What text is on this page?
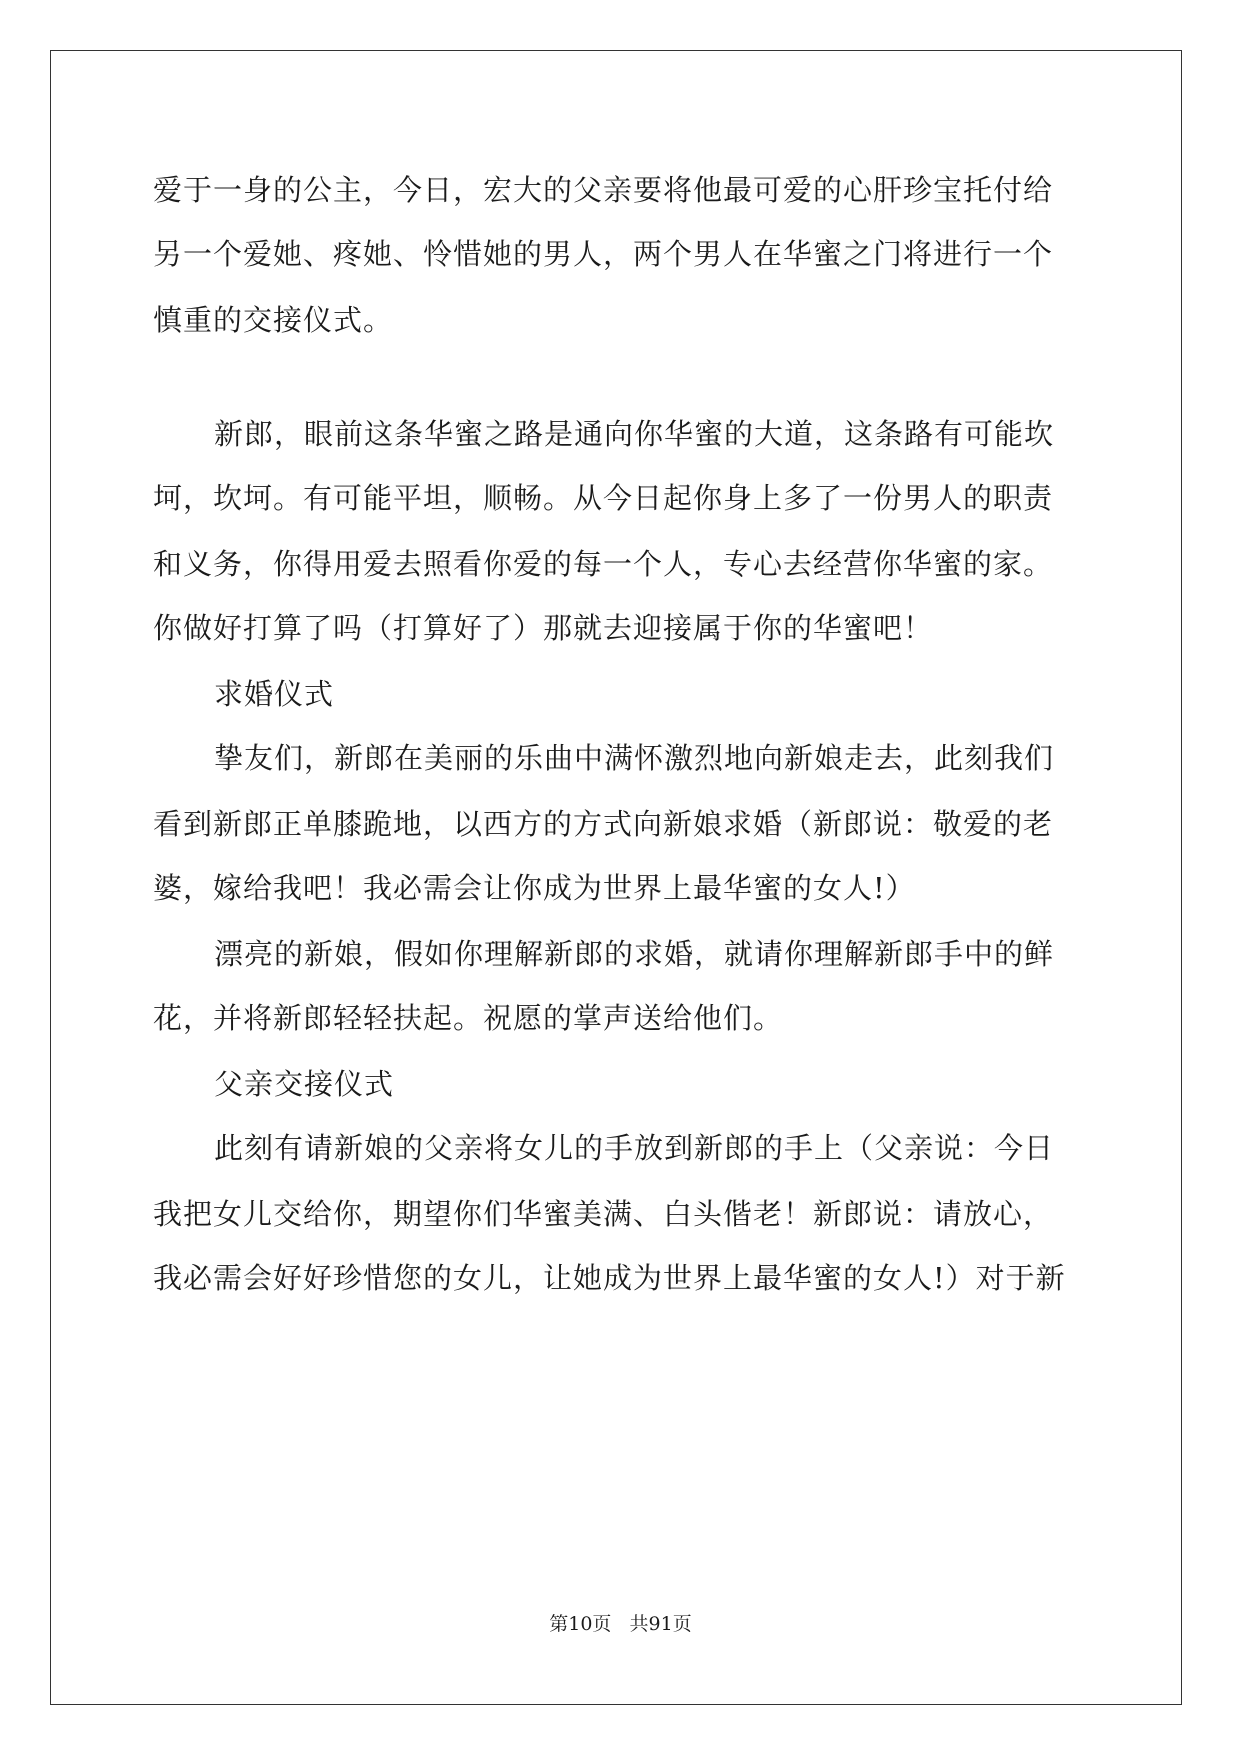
爱于一身的公主，今日，宏大的父亲要将他最可爱的心肝珍宝托付给
另一个爱她、疼她、怜惜她的男人，两个男人在华蜜之门将进行一个
慎重的交接仪式。
新郎，眼前这条华蜜之路是通向你华蜜的大道，这条路有可能坎
坷，坎坷。有可能平坦，顺畅。从今日起你身上多了一份男人的职责
和义务，你得用爱去照看你爱的每一个人，专心去经营你华蜜的家。
你做好打算了吗（打算好了）那就去迎接属于你的华蜜吧！
求婚仪式
挚友们，新郎在美丽的乐曲中满怀激烈地向新娘走去，此刻我们
看到新郎正单膝跪地，以西方的方式向新娘求婚（新郎说：敬爱的老
婆，嫁给我吧！我必需会让你成为世界上最华蜜的女人!）
漂亮的新娘，假如你理解新郎的求婚，就请你理解新郎手中的鲜
花，并将新郎轻轻扶起。祝愿的掌声送给他们。
父亲交接仪式
此刻有请新娘的父亲将女儿的手放到新郎的手上（父亲说：今日
我把女儿交给你，期望你们华蜜美满、白头偕老！新郎说：请放心，
我必需会好好珍惜您的女儿，让她成为世界上最华蜜的女人!）对于新
第10页   共91页
